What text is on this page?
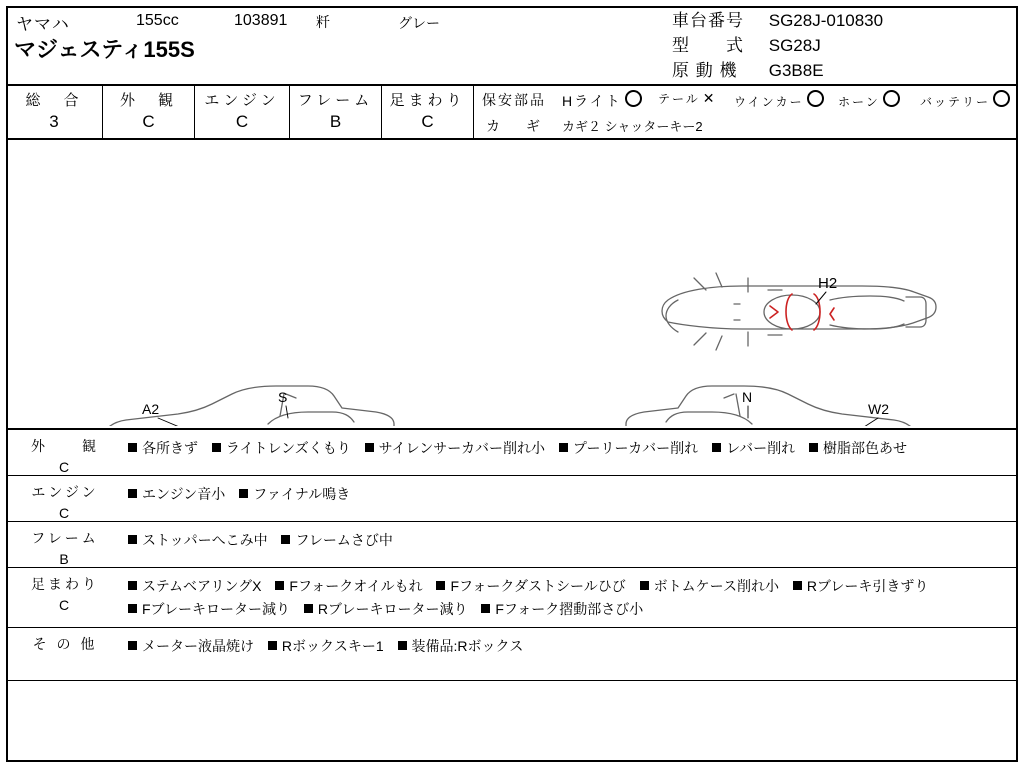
ヤマハ
マジェスティ155S
155cc	103891 粁	グレー	車台番号 SG28J-010830
型　　式 SG28J
原 動 機 G3B8E
総　合
3
外　観
C
エンジン
C
フレーム
B
足まわり
C
保安部品 Hライト	テール ✕ ウインカー	ホーン	バッテリー
カ　ギ カギ２ シャッターキー2
H2
A2
S	N
W2
外　　観
C
各所きず ライトレンズくもり サイレンサーカバー削れ小 プーリーカバー削れ レバー削れ 樹脂部色あせ
エンジン
C
エンジン音小 ファイナル鳴き
フレーム
B
ストッパーへこみ中 フレームさび中
足まわり
C
ステムベアリングX Fフォークオイルもれ Fフォークダストシールひび ボトムケース削れ小 Rブレーキ引きずり Fブレーキローター減り Rブレーキローター減り Fフォーク摺動部さび小
そ の 他	メーター液晶焼け Rボックスキー1 装備品:Rボックス
